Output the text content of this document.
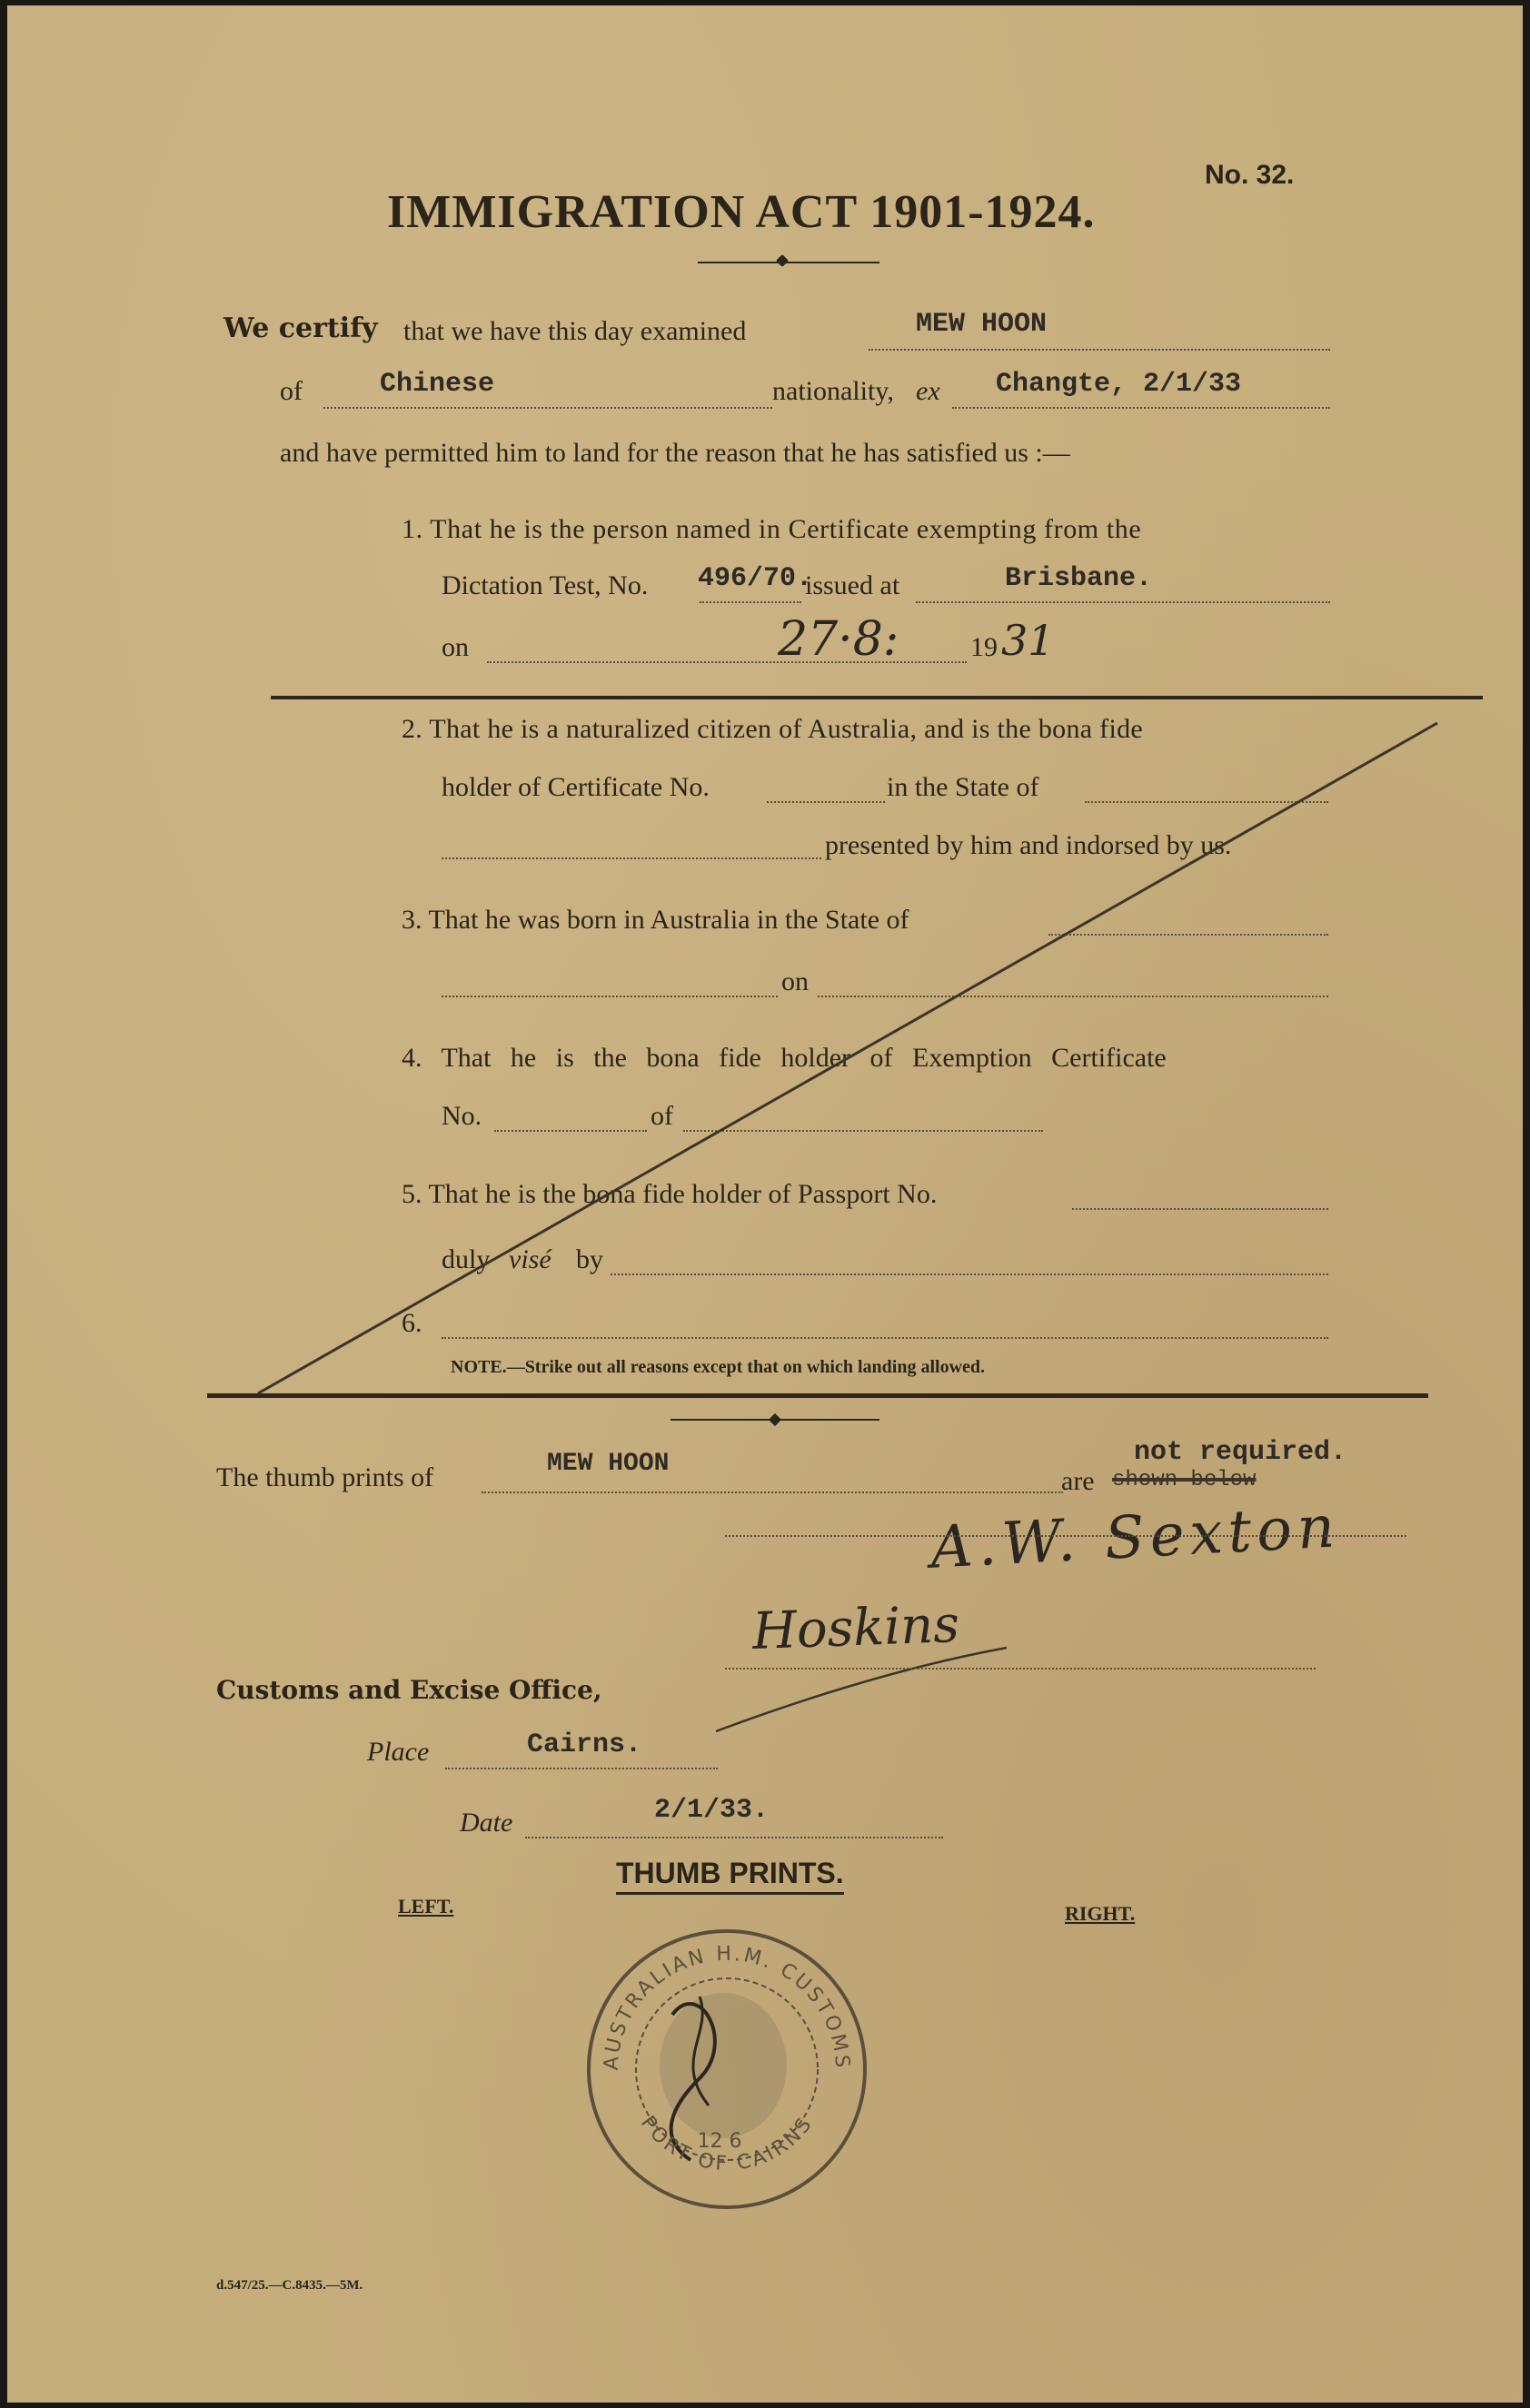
No. 32.
IMMIGRATION ACT 1901-1924.
We certify that we have this day examined	MEW HOON
of	Chinese	nationality, ex Changte, 2/1/33
and have permitted him to land for the reason that he has satisfied us :—
1. That he is the person named in Certificate exempting from the
Dictation Test, No. 496/70.
issued at	Brisbane.
on	27·8:	19 31
2. That he is a naturalized citizen of Australia, and is the bona fide
holder of Certificate No.	in the State of
presented by him and indorsed by us.
3. That he was born in Australia in the State of
on
4. That he is the bona fide holder of Exemption Certificate
No.	of
5. That he is the bona fide holder of Passport No.
duly visé by
6.
NOTE.—Strike out all reasons except that on which landing allowed.
The thumb prints of	MEW HOON
are shown below
not required.
A.W. Sexton
Hoskins
Customs and Excise Office,
Place	Cairns.
Date	2/1/33.
THUMB PRINTS.
LEFT.	RIGHT.
AUSTRALIAN H.M. CUSTOMS
PORT OF CAIRNS
12 6
d.547/25.—C.8435.—5M.
